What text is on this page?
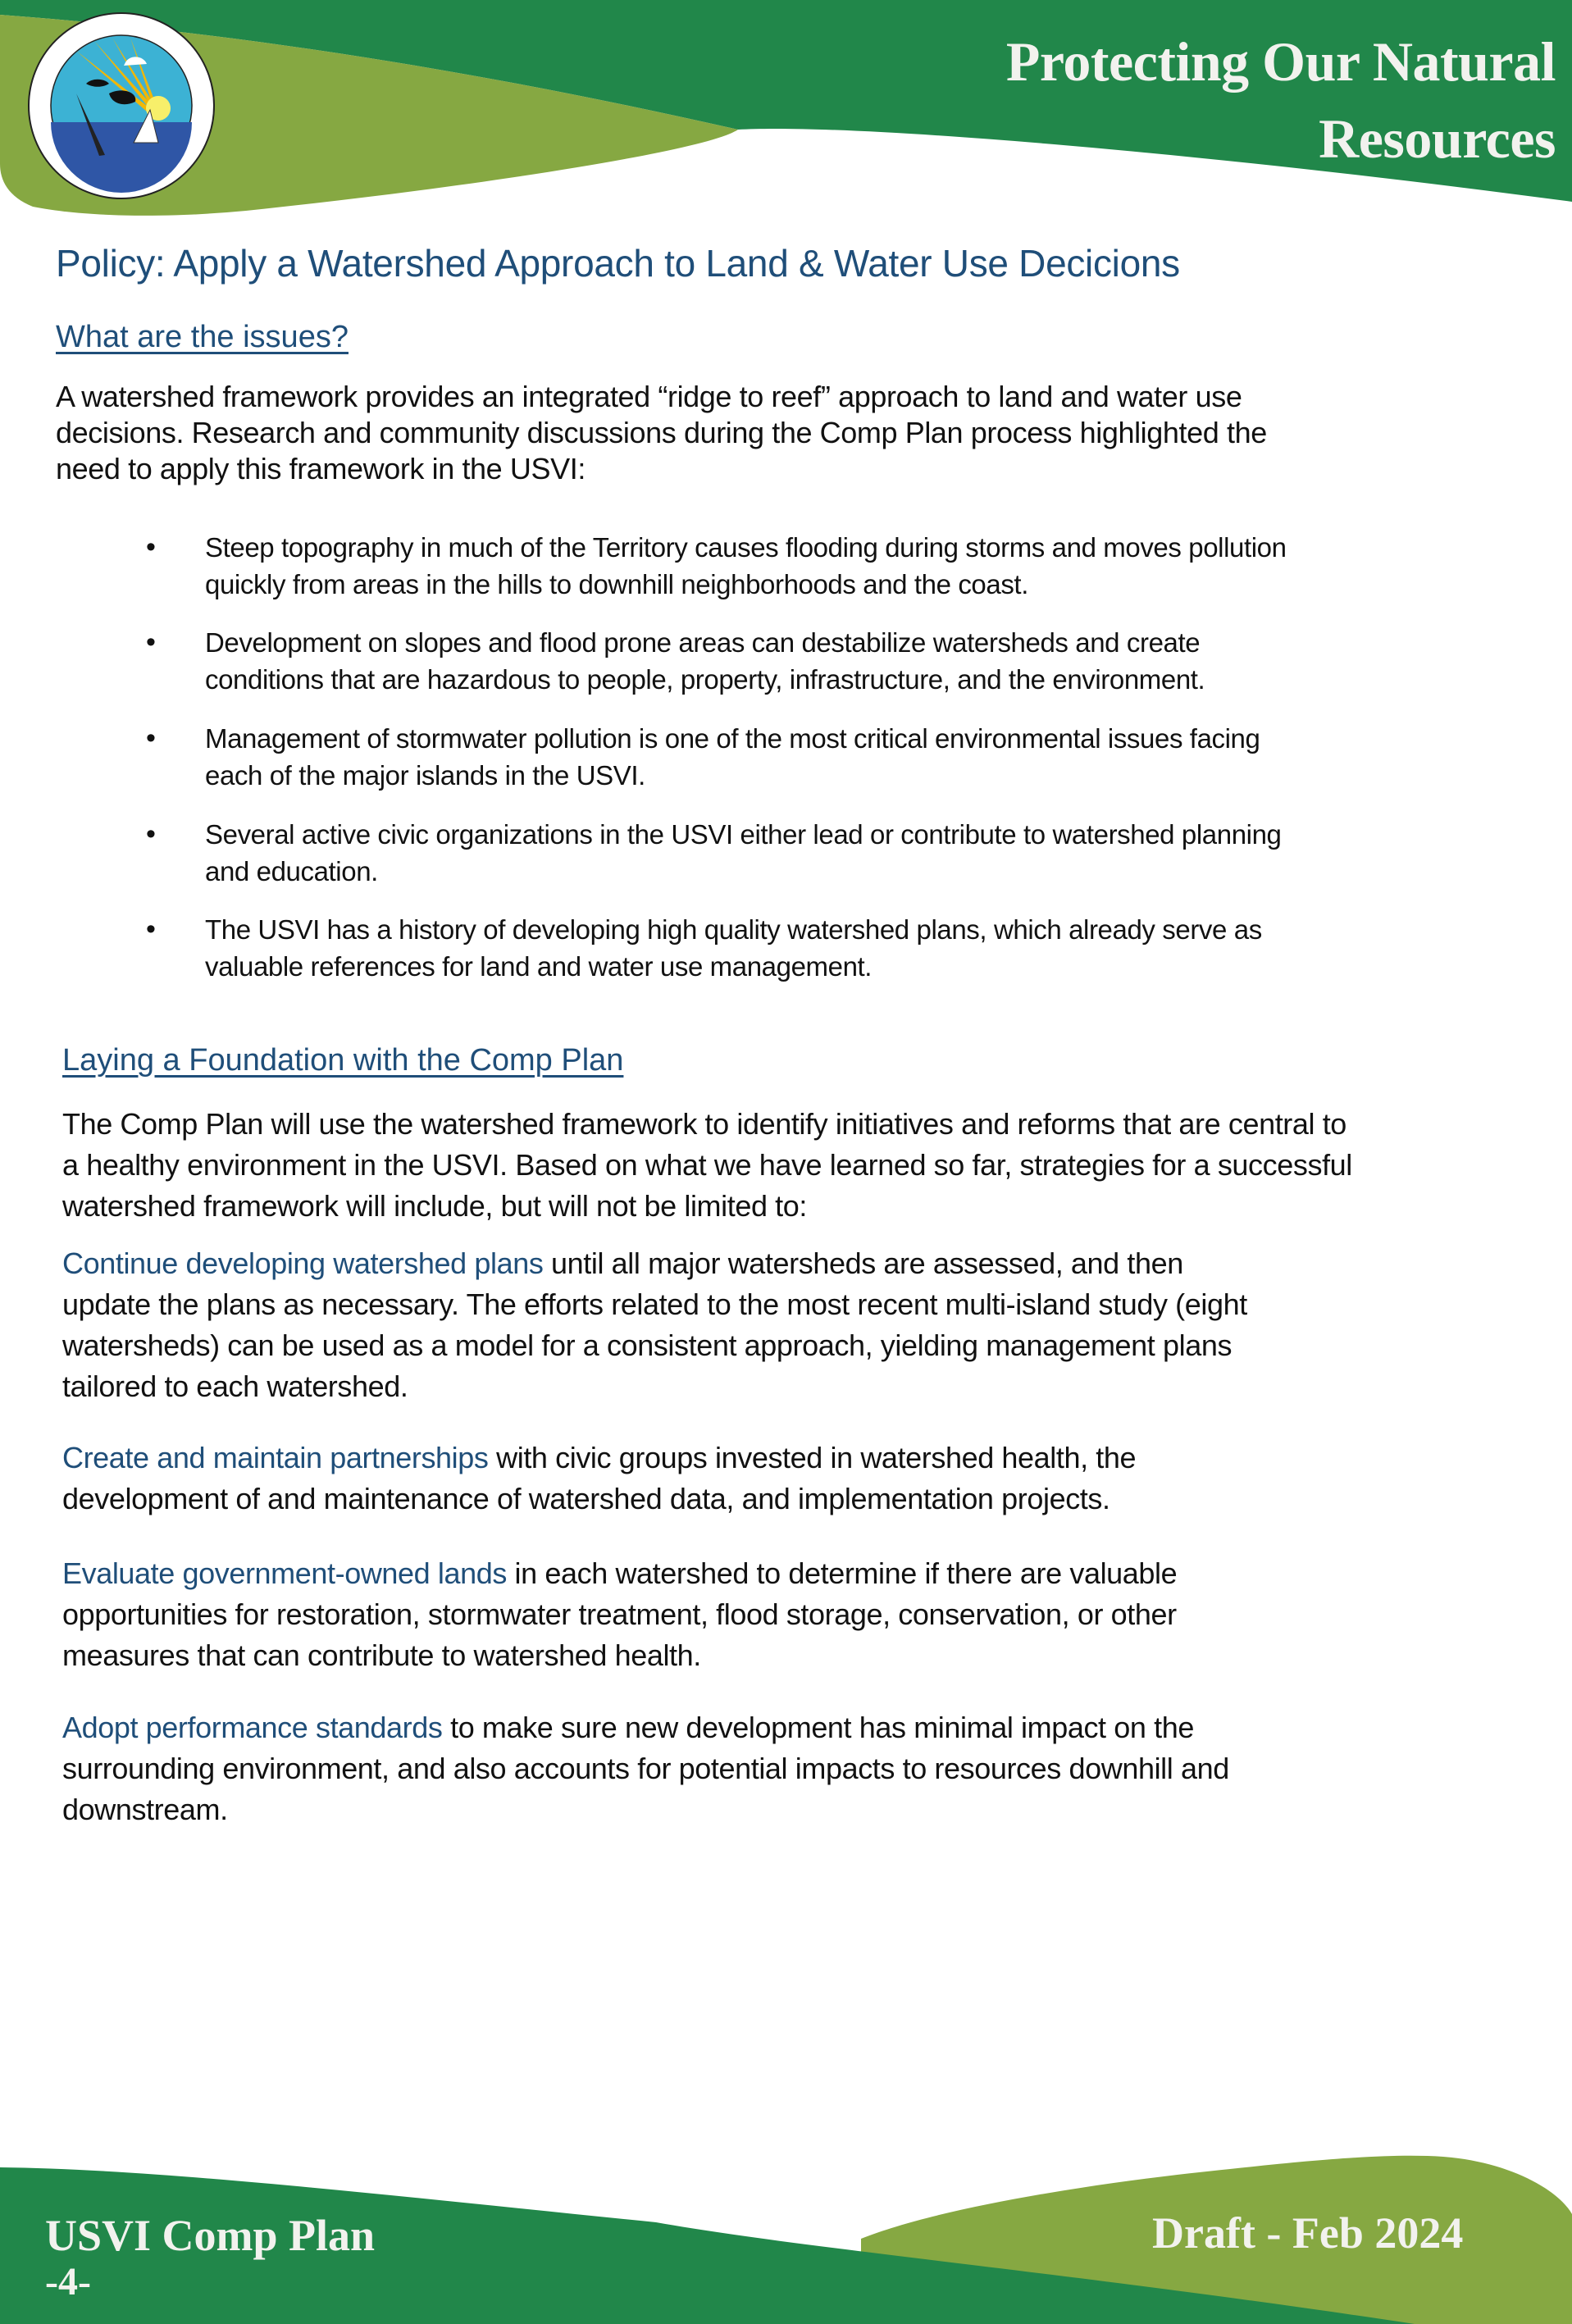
Protecting Our Natural
Resources
Policy: Apply a Watershed Approach to Land & Water Use Decicions
What are the issues?
A watershed framework provides an integrated “ridge to reef” approach to land and water use
decisions. Research and community discussions during the Comp Plan process highlighted the
need to apply this framework in the USVI:
• Steep topography in much of the Territory causes flooding during storms and moves pollution
quickly from areas in the hills to downhill neighborhoods and the coast.
• Development on slopes and flood prone areas can destabilize watersheds and create
conditions that are hazardous to people, property, infrastructure, and the environment.
• Management of stormwater pollution is one of the most critical environmental issues facing
each of the major islands in the USVI.
• Several active civic organizations in the USVI either lead or contribute to watershed planning
and education.
• The USVI has a history of developing high quality watershed plans, which already serve as
valuable references for land and water use management.
Laying a Foundation with the Comp Plan
The Comp Plan will use the watershed framework to identify initiatives and reforms that are central to
a healthy environment in the USVI. Based on what we have learned so far, strategies for a successful
watershed framework will include, but will not be limited to:
Continue developing watershed plans until all major watersheds are assessed, and then
update the plans as necessary. The efforts related to the most recent multi-island study (eight
watersheds) can be used as a model for a consistent approach, yielding management plans
tailored to each watershed.
Create and maintain partnerships with civic groups invested in watershed health, the
development of and maintenance of watershed data, and implementation projects.
Evaluate government-owned lands in each watershed to determine if there are valuable
opportunities for restoration, stormwater treatment, flood storage, conservation, or other
measures that can contribute to watershed health.
Adopt performance standards to make sure new development has minimal impact on the
surrounding environment, and also accounts for potential impacts to resources downhill and
downstream.
USVI Comp Plan
-4-
Draft - Feb 2024
